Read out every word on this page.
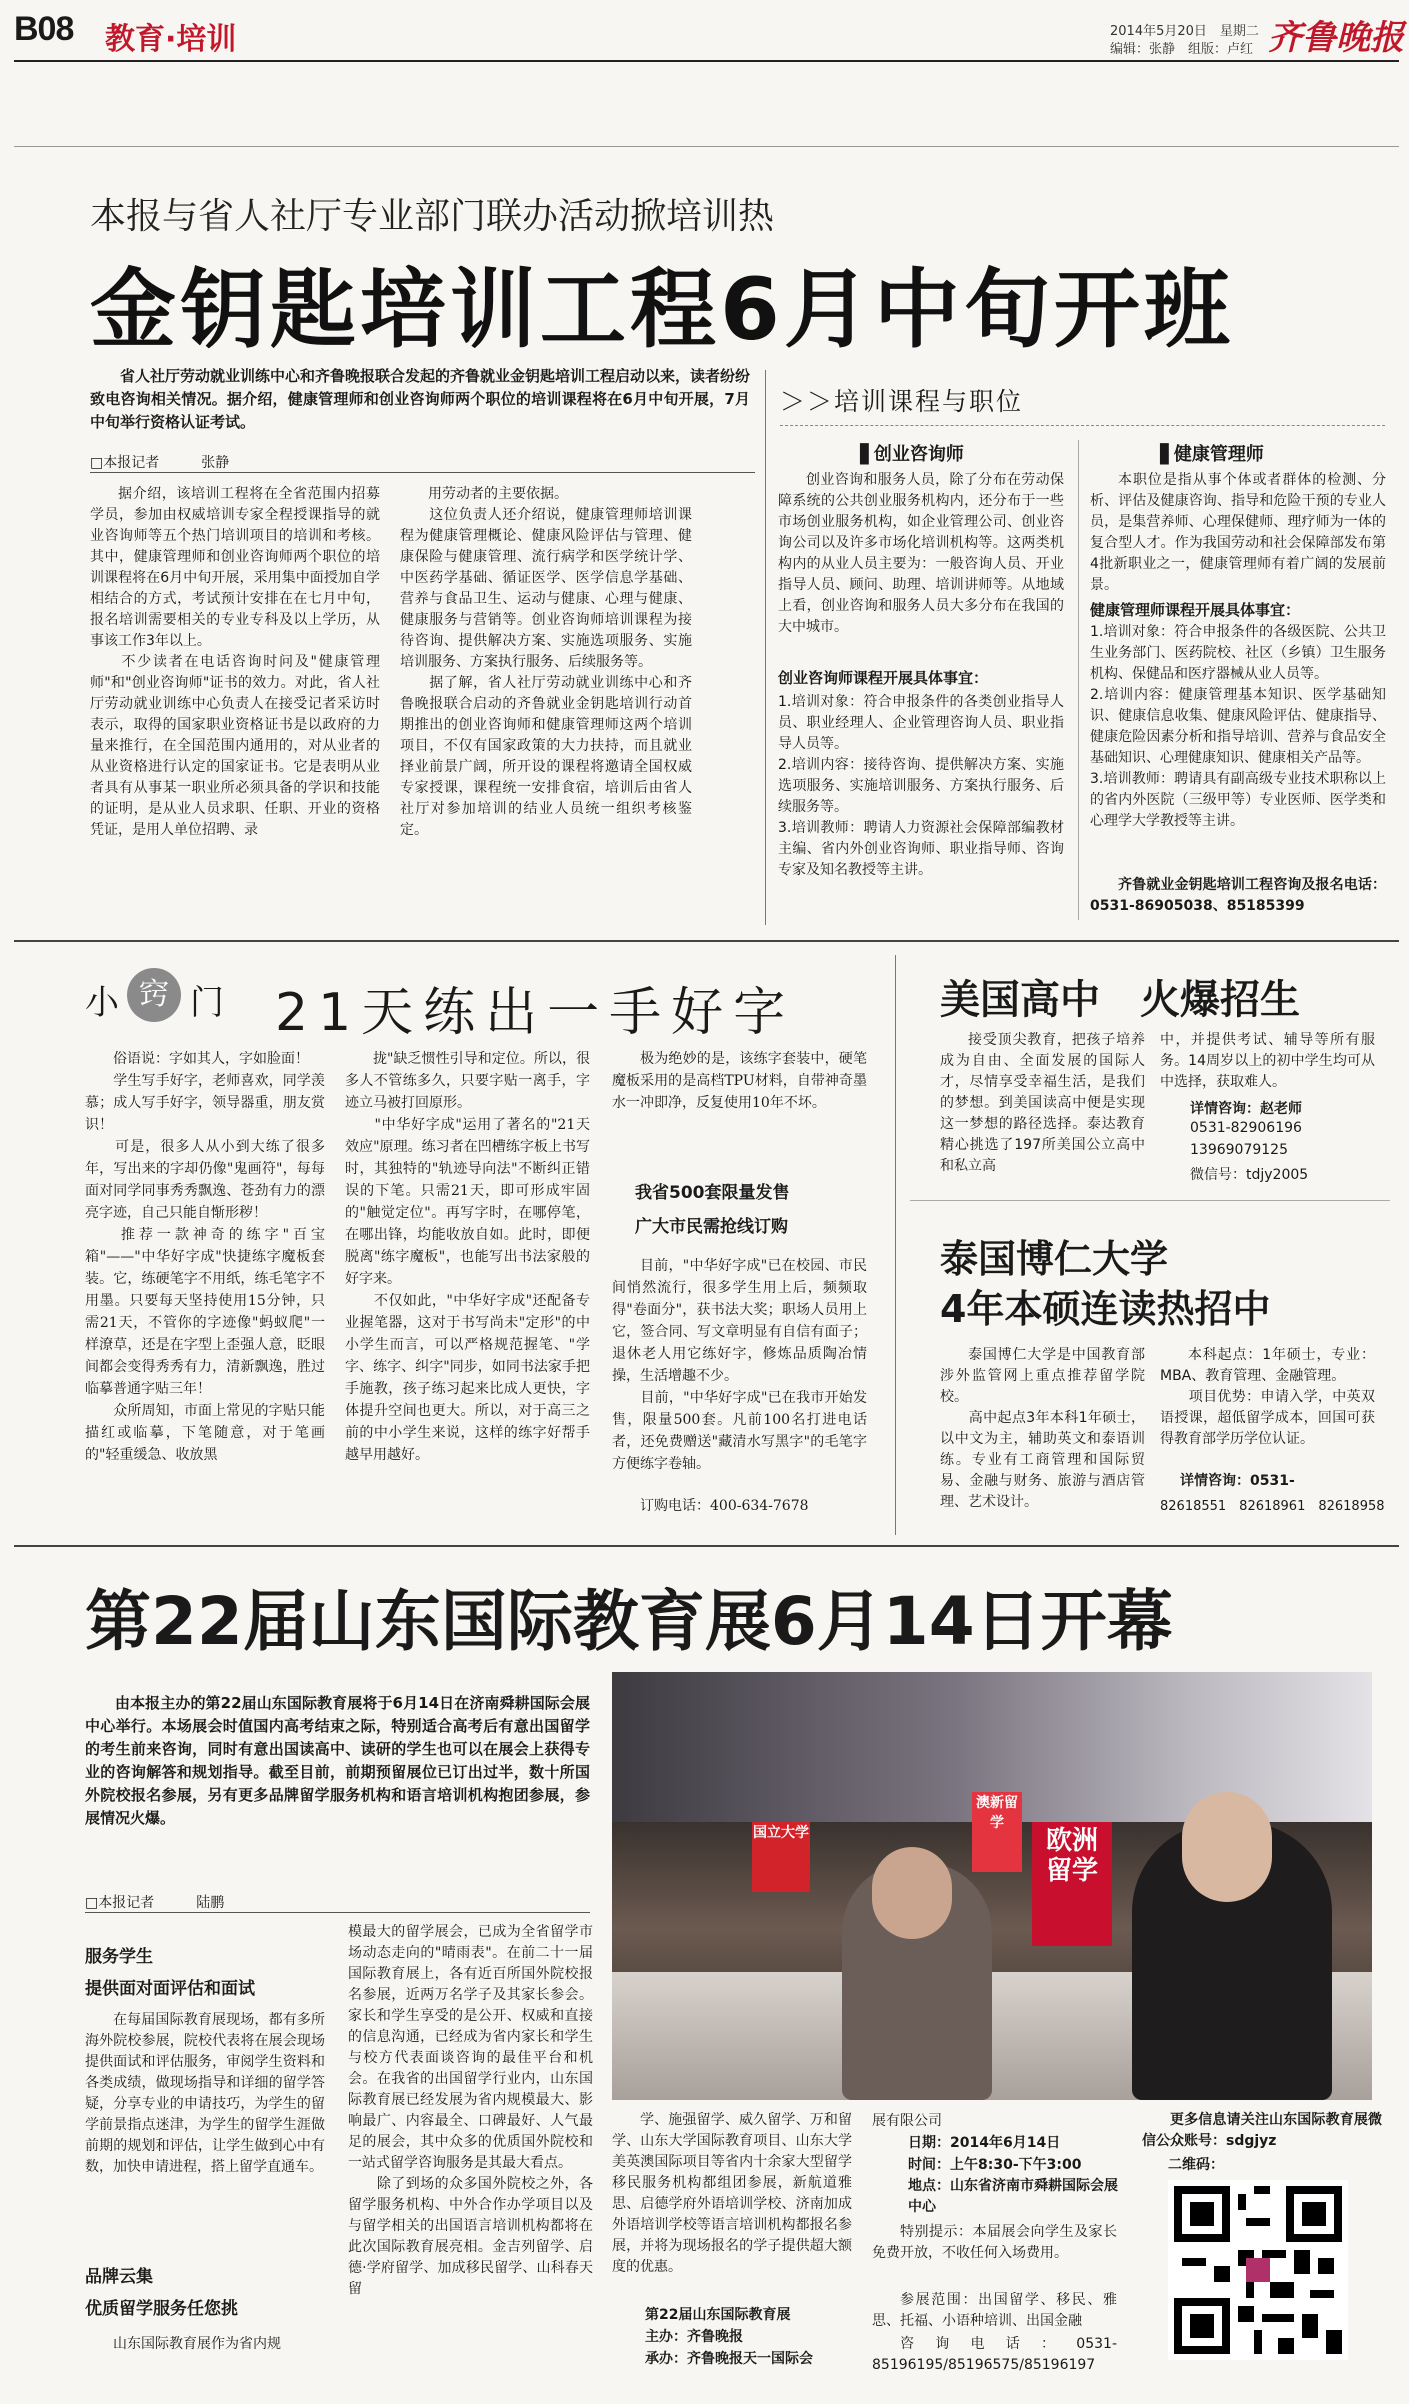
B08 教育·培训	2014年5月20日　星期二
编辑：张静　组版：卢红 齐鲁晚报
本报与省人社厅专业部门联办活动掀培训热
金钥匙培训工程6月中旬开班
省人社厅劳动就业训练中心和齐鲁晚报联合发起的齐鲁就业金钥匙培训工程启动以来，读者纷纷致电咨询相关情况。据介绍，健康管理师和创业咨询师两个职位的培训课程将在6月中旬开展，7月中旬举行资格认证考试。
□本报记者　　　张静
据介绍，该培训工程将在全省范围内招募学员，参加由权威培训专家全程授课指导的就业咨询师等五个热门培训项目的培训和考核。其中，健康管理师和创业咨询师两个职位的培训课程将在6月中旬开展，采用集中面授加自学相结合的方式，考试预计安排在在七月中旬，报名培训需要相关的专业专科及以上学历，从事该工作3年以上。
　　不少读者在电话咨询时问及"健康管理师"和"创业咨询师"证书的效力。对此，省人社厅劳动就业训练中心负责人在接受记者采访时表示，取得的国家职业资格证书是以政府的力量来推行，在全国范围内通用的，对从业者的从业资格进行认定的国家证书。它是表明从业者具有从事某一职业所必须具备的学识和技能的证明，是从业人员求职、任职、开业的资格凭证，是用人单位招聘、录
用劳动者的主要依据。
　　这位负责人还介绍说，健康管理师培训课程为健康管理概论、健康风险评估与管理、健康保险与健康管理、流行病学和医学统计学、中医药学基础、循证医学、医学信息学基础、营养与食品卫生、运动与健康、心理与健康、健康服务与营销等。创业咨询师培训课程为接待咨询、提供解决方案、实施选项服务、实施培训服务、方案执行服务、后续服务等。
　　据了解，省人社厅劳动就业训练中心和齐鲁晚报联合启动的齐鲁就业金钥匙培训行动首期推出的创业咨询师和健康管理师这两个培训项目，不仅有国家政策的大力扶持，而且就业择业前景广阔，所开设的课程将邀请全国权威专家授课，课程统一安排食宿，培训后由省人社厅对参加培训的结业人员统一组织考核鉴定。
＞＞培训课程与职位
▋创业咨询师	▋健康管理师
创业咨询和服务人员，除了分布在劳动保障系统的公共创业服务机构内，还分布于一些市场创业服务机构，如企业管理公司、创业咨询公司以及许多市场化培训机构等。这两类机构内的从业人员主要为：一般咨询人员、开业指导人员、顾问、助理、培训讲师等。从地域上看，创业咨询和服务人员大多分布在我国的大中城市。
创业咨询师课程开展具体事宜：
1.培训对象：符合申报条件的各类创业指导人员、职业经理人、企业管理咨询人员、职业指导人员等。
2.培训内容：接待咨询、提供解决方案、实施选项服务、实施培训服务、方案执行服务、后续服务等。
3.培训教师：聘请人力资源社会保障部编教材主编、省内外创业咨询师、职业指导师、咨询专家及知名教授等主讲。
本职位是指从事个体或者群体的检测、分析、评估及健康咨询、指导和危险干预的专业人员，是集营养师、心理保健师、理疗师为一体的复合型人才。作为我国劳动和社会保障部发布第4批新职业之一，健康管理师有着广阔的发展前景。
健康管理师课程开展具体事宜：
1.培训对象：符合申报条件的各级医院、公共卫生业务部门、医药院校、社区（乡镇）卫生服务机构、保健品和医疗器械从业人员等。
2.培训内容：健康管理基本知识、医学基础知识、健康信息收集、健康风险评估、健康指导、健康危险因素分析和指导培训、营养与食品安全基础知识、心理健康知识、健康相关产品等。
3.培训教师：聘请具有副高级专业技术职称以上的省内外医院（三级甲等）专业医师、医学类和心理学大学教授等主讲。
齐鲁就业金钥匙培训工程咨询及报名电话：0531-86905038、85185399
小 窍 门 21天练出一手好字
俗语说：字如其人，字如脸面！
　　学生写手好字，老师喜欢，同学羡慕；成人写手好字，领导器重，朋友赏识！
　　可是，很多人从小到大练了很多年，写出来的字却仍像"鬼画符"，每每面对同学同事秀秀飘逸、苍劲有力的漂亮字迹，自己只能自惭形秽！
　　推荐一款神奇的练字"百宝箱"——"中华好字成"快捷练字魔板套装。它，练硬笔字不用纸，练毛笔字不用墨。只要每天坚持使用15分钟，只需21天，不管你的字迹像"蚂蚁爬"一样潦草，还是在字型上歪强人意，眨眼间都会变得秀秀有力，清新飘逸，胜过临摹普通字贴三年！
　　众所周知，市面上常见的字贴只能描红或临摹，下笔随意，对于笔画的"轻重缓急、收放黑
拢"缺乏惯性引导和定位。所以，很多人不管练多久，只要字贴一离手，字迹立马被打回原形。
　　"中华好字成"运用了著名的"21天效应"原理。练习者在凹槽练字板上书写时，其独特的"轨迹导向法"不断纠正错误的下笔。只需21天，即可形成牢固的"触觉定位"。再写字时，在哪停笔，在哪出锋，均能收放自如。此时，即便脱离"练字魔板"，也能写出书法家般的好字来。
　　不仅如此，"中华好字成"还配备专业握笔器，这对于书写尚未"定形"的中小学生而言，可以严格规范握笔、"学字、练字、纠字"同步，如同书法家手把手施教，孩子练习起来比成人更快，字体提升空间也更大。所以，对于高三之前的中小学生来说，这样的练字好帮手越早用越好。
极为绝妙的是，该练字套装中，硬笔魔板采用的是高档TPU材料，自带神奇墨水一冲即净，反复使用10年不坏。
我省500套限量发售
广大市民需抢线订购
目前，"中华好字成"已在校园、市民间悄然流行，很多学生用上后，频频取得"卷面分"，获书法大奖；职场人员用上它，签合同、写文章明显有自信有面子；退休老人用它练好字，修炼品质陶冶情操，生活增趣不少。
　　目前，"中华好字成"已在我市开始发售，限量500套。凡前100名打进电话者，还免费赠送"藏清水写黑字"的毛笔字方便练字卷轴。
订购电话：400-634-7678
美国高中　火爆招生
接受顶尖教育，把孩子培养成为自由、全面发展的国际人才，尽情享受幸福生活，是我们的梦想。到美国读高中便是实现这一梦想的路径选择。泰达教育精心挑选了197所美国公立高中和私立高
中，并提供考试、辅导等所有服务。14周岁以上的初中学生均可从中选择，获取难人。
详情咨询：赵老师
0531-82906196
13969079125
微信号：tdjy2005
泰国博仁大学
4年本硕连读热招中
泰国博仁大学是中国教育部涉外监管网上重点推荐留学院校。
　　高中起点3年本科1年硕士，以中文为主，辅助英文和泰语训练。专业有工商管理和国际贸易、金融与财务、旅游与酒店管理、艺术设计。
本科起点：1年硕士，专业：MBA、教育管理、金融管理。
　　项目优势：申请入学，中英双语授课，超低留学成本，回国可获得教育部学历学位认证。
详情咨询：0531-
82618551　82618961　82618958
第22届山东国际教育展6月14日开幕
由本报主办的第22届山东国际教育展将于6月14日在济南舜耕国际会展中心举行。本场展会时值国内高考结束之际，特别适合高考后有意出国留学的考生前来咨询，同时有意出国读高中、读研的学生也可以在展会上获得专业的咨询解答和规划指导。截至目前，前期预留展位已订出过半，数十所国外院校报名参展，另有更多品牌留学服务机构和语言培训机构抱团参展，参展情况火爆。
□本报记者　　　陆鹏
欧洲
留学
国立大学
澳新留学
服务学生
提供面对面评估和面试
在每届国际教育展现场，都有多所海外院校参展，院校代表将在展会现场提供面试和评估服务，审阅学生资料和各类成绩，做现场指导和详细的留学答疑，分享专业的申请技巧，为学生的留学前景指点迷津，为学生的留学生涯做前期的规划和评估，让学生做到心中有数，加快申请进程，搭上留学直通车。
品牌云集
优质留学服务任您挑
山东国际教育展作为省内规
模最大的留学展会，已成为全省留学市场动态走向的"晴雨表"。在前二十一届国际教育展上，各有近百所国外院校报名参展，近两万名学子及其家长参会。家长和学生享受的是公开、权威和直接的信息沟通，已经成为省内家长和学生与校方代表面谈咨询的最佳平台和机会。在我省的出国留学行业内，山东国际教育展已经发展为省内规模最大、影响最广、内容最全、口碑最好、人气最足的展会，其中众多的优质国外院校和一站式留学咨询服务是其最大看点。
　　除了到场的众多国外院校之外，各留学服务机构、中外合作办学项目以及与留学相关的出国语言培训机构都将在此次国际教育展亮相。金吉列留学、启德·学府留学、加成移民留学、山科春天留
学、施强留学、威久留学、万和留学、山东大学国际教育项目、山东大学美英澳国际项目等省内十余家大型留学移民服务机构都组团参展，新航道雅思、启德学府外语培训学校、济南加成外语培训学校等语言培训机构都报名参展，并将为现场报名的学子提供超大额度的优惠。
第22届山东国际教育展
主办：齐鲁晚报
承办：齐鲁晚报天一国际会
展有限公司
日期：2014年6月14日
时间：上午8:30-下午3:00
地点：山东省济南市舜耕国际会展中心
特别提示：本届展会向学生及家长免费开放，不收任何入场费用。
参展范围：出国留学、移民、雅思、托福、小语种培训、出国金融
咨询电话：0531-85196195/85196575/85196197
更多信息请关注山东国际教育展微信公众账号：sdgjyz
二维码：
